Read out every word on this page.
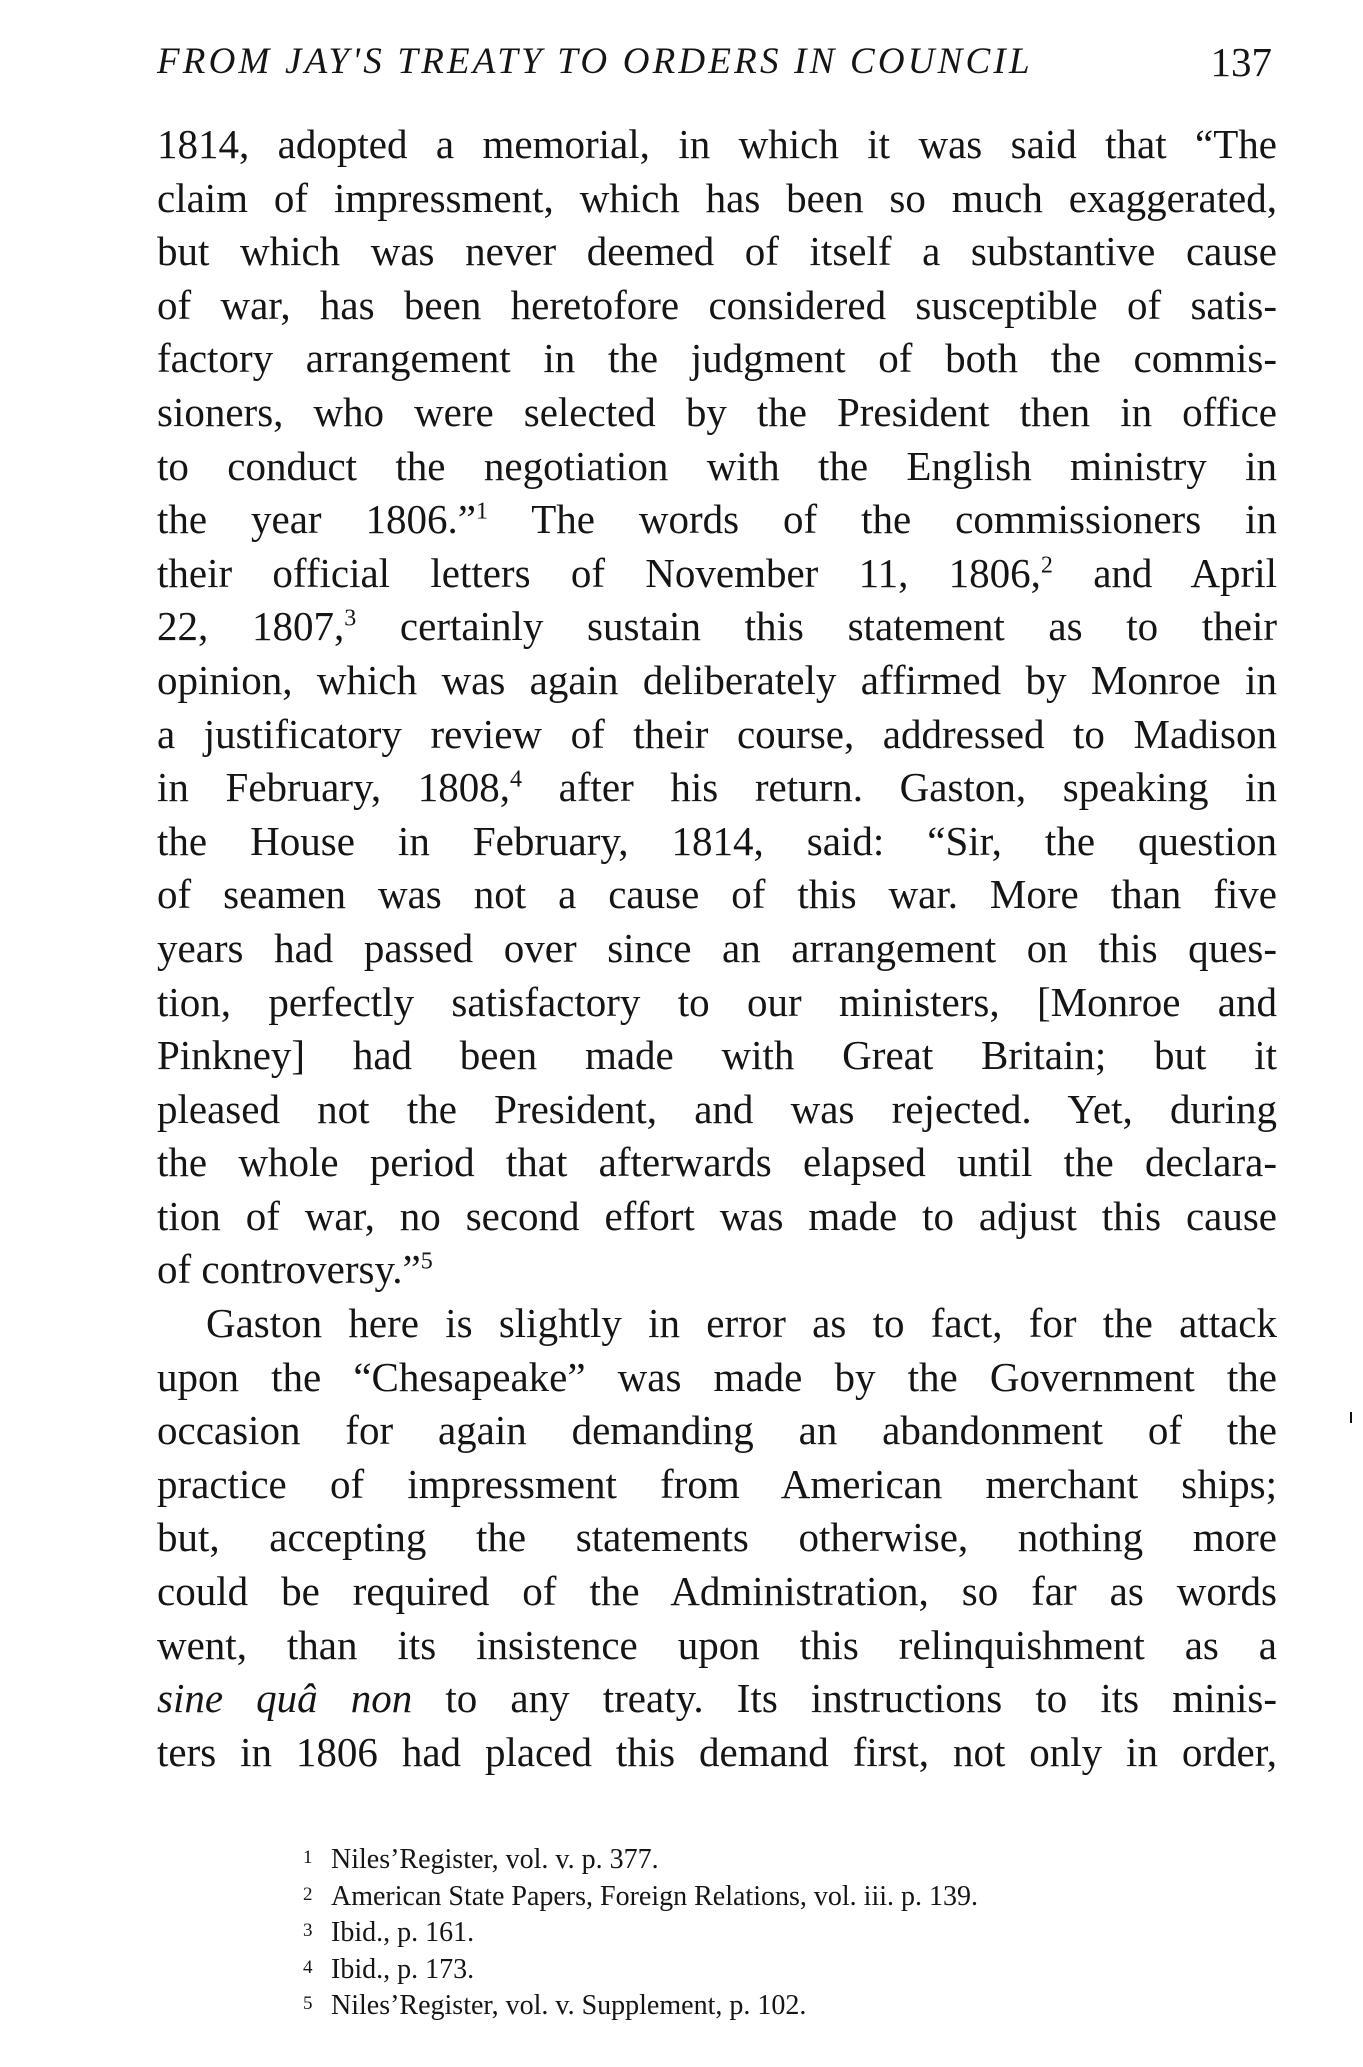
FROM JAY'S TREATY TO ORDERS IN COUNCIL	137
1814, adopted a memorial, in which it was said that “The
claim of impressment, which has been so much exaggerated,
but which was never deemed of itself a substantive cause
of war, has been heretofore considered susceptible of satis-
factory arrangement in the judgment of both the commis-
sioners, who were selected by the President then in office
to conduct the negotiation with the English ministry in
the year 1806.”$^1$ The words of the commissioners in
their official letters of November 11, 1806,$^2$ and April
22, 1807,$^3$ certainly sustain this statement as to their
opinion, which was again deliberately affirmed by Monroe in
a justificatory review of their course, addressed to Madison
in February, 1808,$^4$ after his return. Gaston, speaking in
the House in February, 1814, said: “Sir, the question
of seamen was not a cause of this war. More than five
years had passed over since an arrangement on this ques-
tion, perfectly satisfactory to our ministers, [Monroe and
Pinkney] had been made with Great Britain; but it
pleased not the President, and was rejected. Yet, during
the whole period that afterwards elapsed until the declara-
tion of war, no second effort was made to adjust this cause
of controversy.”$^5$
Gaston here is slightly in error as to fact, for the attack
upon the “Chesapeake” was made by the Government the
occasion for again demanding an abandonment of the
practice of impressment from American merchant ships;
but, accepting the statements otherwise, nothing more
could be required of the Administration, so far as words
went, than its insistence upon this relinquishment as a
sine quâ non to any treaty. Its instructions to its minis-
ters in 1806 had placed this demand first, not only in order,
1 Niles’Register, vol. v. p. 377.
2 American State Papers, Foreign Relations, vol. iii. p. 139.
3 Ibid., p. 161.
4 Ibid., p. 173.
5 Niles’Register, vol. v. Supplement, p. 102.
